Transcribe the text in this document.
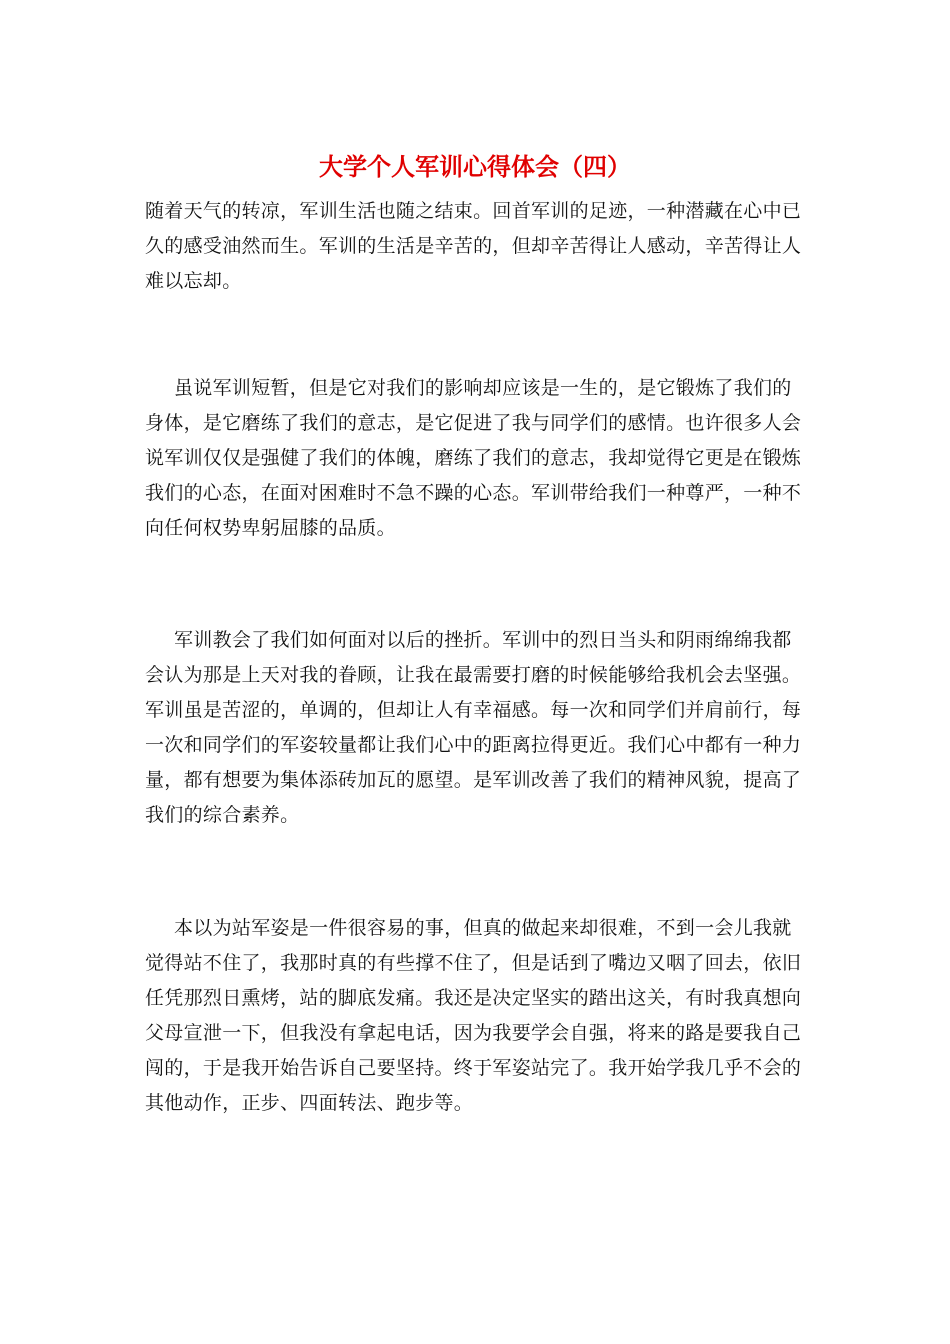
大学个人军训心得体会（四）

随着天气的转凉，军训生活也随之结束。回首军训的足迹，一种潜藏在心中已久的感受油然而生。军训的生活是辛苦的，但却辛苦得让人感动，辛苦得让人难以忘却。

虽说军训短暂，但是它对我们的影响却应该是一生的，是它锻炼了我们的身体，是它磨练了我们的意志，是它促进了我与同学们的感情。也许很多人会说军训仅仅是强健了我们的体魄，磨练了我们的意志，我却觉得它更是在锻炼我们的心态，在面对困难时不急不躁的心态。军训带给我们一种尊严，一种不向任何权势卑躬屈膝的品质。

军训教会了我们如何面对以后的挫折。军训中的烈日当头和阴雨绵绵我都会认为那是上天对我的眷顾，让我在最需要打磨的时候能够给我机会去坚强。军训虽是苦涩的，单调的，但却让人有幸福感。每一次和同学们并肩前行，每一次和同学们的军姿较量都让我们心中的距离拉得更近。我们心中都有一种力量，都有想要为集体添砖加瓦的愿望。是军训改善了我们的精神风貌，提高了我们的综合素养。

本以为站军姿是一件很容易的事，但真的做起来却很难，不到一会儿我就觉得站不住了，我那时真的有些撑不住了，但是话到了嘴边又咽了回去，依旧任凭那烈日熏烤，站的脚底发痛。我还是决定坚实的踏出这关，有时我真想向父母宣泄一下，但我没有拿起电话，因为我要学会自强，将来的路是要我自己闯的，于是我开始告诉自己要坚持。终于军姿站完了。我开始学我几乎不会的其他动作，正步、四面转法、跑步等。
